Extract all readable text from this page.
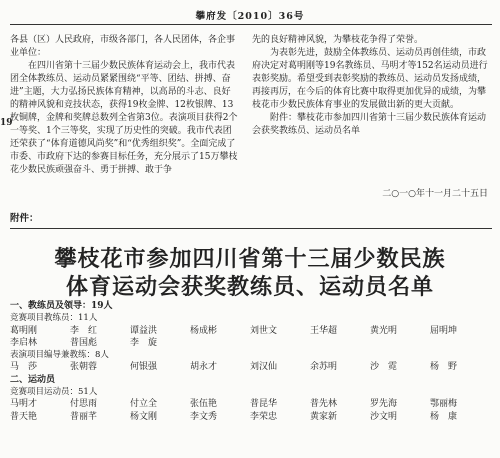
攀府发〔2010〕36号
19

各县（区）人民政府，市级各部门，各人民团体，各企事业单位：

在四川省第十三届少数民族体育运动会上，我市代表团全体教练员、运动员紧紧围绕“平等、团结、拼搏、奋进”主题，大力弘扬民族体育精神，以高昂的斗志、良好的精神风貌和竞技状态，获得19枚金牌、12枚银牌、13枚铜牌，金牌和奖牌总数列全省第3位。表演项目获得2个一等奖、1个三等奖，实现了历史性的突破。我市代表团还荣获了“体育道德风尚奖”和“优秀组织奖”。全面完成了市委、市政府下达的参赛目标任务，充分展示了15万攀枝花少数民族顽强奋斗、勇于拼搏、敢于争

先的良好精神风貌，为攀枝花争得了荣誉。

为表彰先进，鼓励全体教练员、运动员再创佳绩，市政府决定对葛明刚等19名教练员、马明才等152名运动员进行表彰奖励。希望受到表彰奖励的教练员、运动员发扬成绩，再接再厉，在今后的体育比赛中取得更加优异的成绩，为攀枝花市少数民族体育事业的发展做出新的更大贡献。

附件：攀枝花市参加四川省第十三届少数民族体育运动会获奖教练员、运动员名单

二○一○年十一月二十五日
附件：
攀枝花市参加四川省第十三届少数民族
体育运动会获奖教练员、运动员名单
一、教练员及领导：19人
竞赛项目教练员：11人
葛明刚	李　红	谭益洪	杨成彬	刘世文	王华超	黄光明	屈明坤
李启林	普国彪	李　旋
表演项目编导兼教练：8人
马　莎	张朝蓉	何银强	胡永才	刘汉仙	余苏明	沙　霓	杨　野
二、运动员
竞赛项目运动员：51人
马明才	付思雨	付立全	张伍艳	普昆华	普先林	罗先海	鄂丽梅
普天艳	普丽芊	杨文刚	李文秀	李荣忠	黄家新	沙文明	杨　康
